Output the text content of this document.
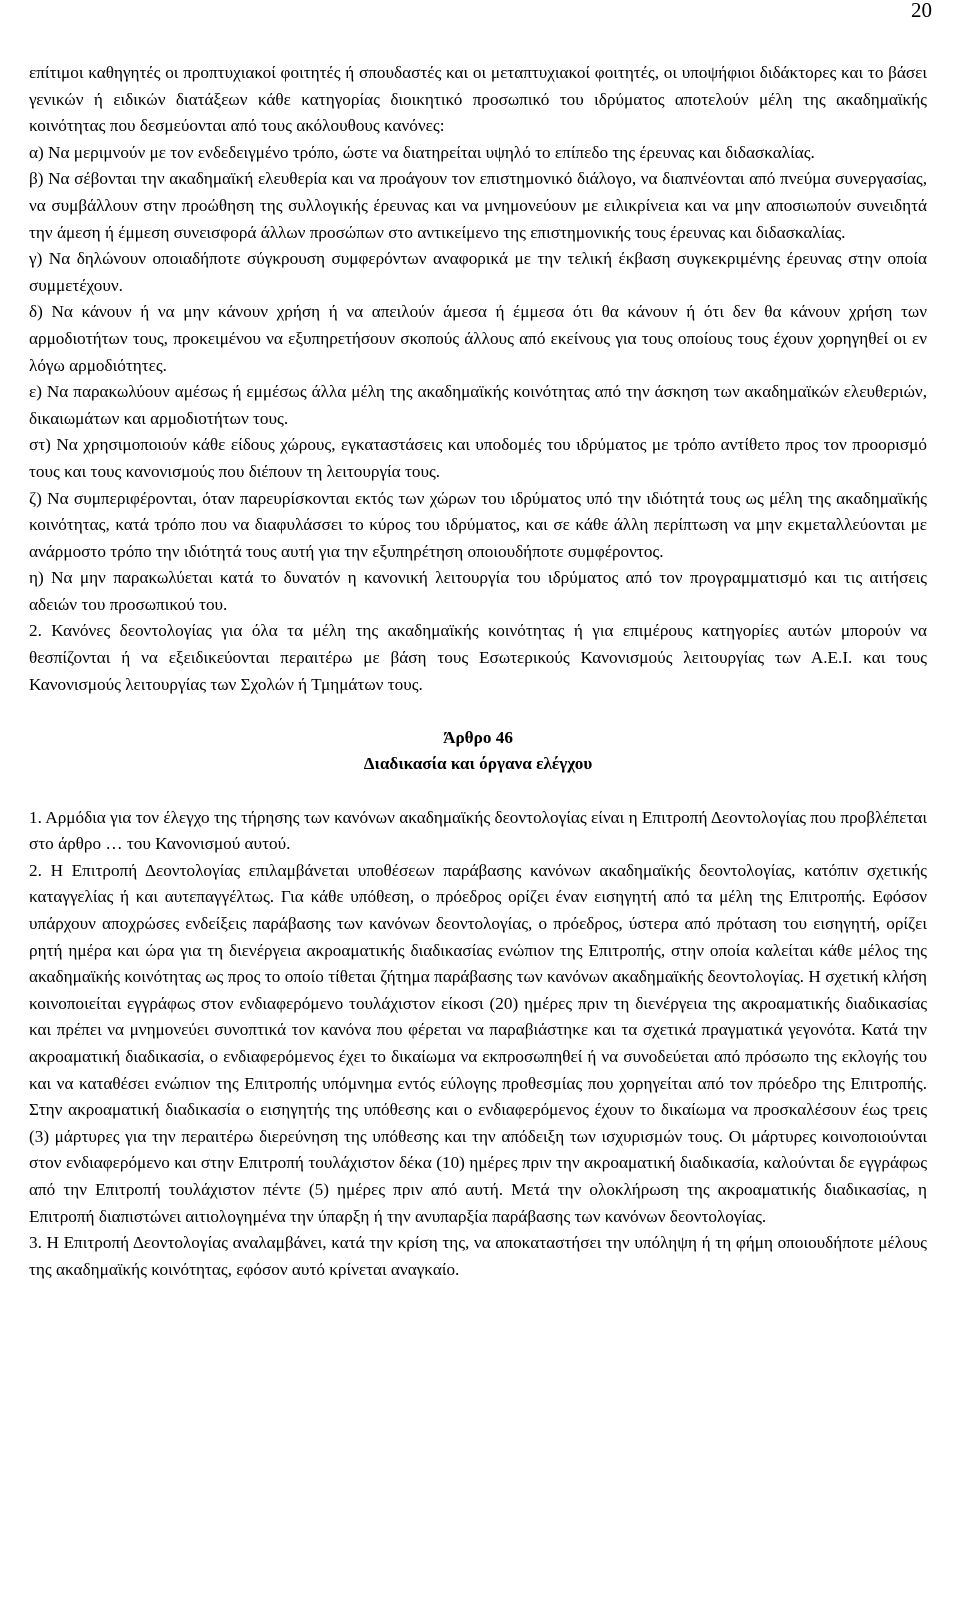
20

επίτιμοι καθηγητές οι προπτυχιακοί φοιτητές ή σπουδαστές και οι μεταπτυχιακοί φοιτητές, οι υποψήφιοι διδάκτορες και το βάσει γενικών ή ειδικών διατάξεων κάθε κατηγορίας διοικητικό προσωπικό του ιδρύματος αποτελούν μέλη της ακαδημαϊκής κοινότητας που δεσμεύονται από τους ακόλουθους κανόνες:

α) Να μεριμνούν με τον ενδεδειγμένο τρόπο, ώστε να διατηρείται υψηλό το επίπεδο της έρευνας και διδασκαλίας.

β) Να σέβονται την ακαδημαϊκή ελευθερία και να προάγουν τον επιστημονικό διάλογο, να διαπνέονται από πνεύμα συνεργασίας, να συμβάλλουν στην προώθηση της συλλογικής έρευνας και να μνημονεύουν με ειλικρίνεια και να μην αποσιωπούν συνειδητά την άμεση ή έμμεση συνεισφορά άλλων προσώπων στο αντικείμενο της επιστημονικής τους έρευνας και διδασκαλίας.

γ) Να δηλώνουν οποιαδήποτε σύγκρουση συμφερόντων αναφορικά με την τελική έκβαση συγκεκριμένης έρευνας στην οποία συμμετέχουν.

δ) Να κάνουν ή να μην κάνουν χρήση ή να απειλούν άμεσα ή έμμεσα ότι θα κάνουν ή ότι δεν θα κάνουν χρήση των αρμοδιοτήτων τους, προκειμένου να εξυπηρετήσουν σκοπούς άλλους από εκείνους για τους οποίους τους έχουν χορηγηθεί οι εν λόγω αρμοδιότητες.

ε) Να παρακωλύουν αμέσως ή εμμέσως άλλα μέλη της ακαδημαϊκής κοινότητας από την άσκηση των ακαδημαϊκών ελευθεριών, δικαιωμάτων και αρμοδιοτήτων τους.

στ) Να χρησιμοποιούν κάθε είδους χώρους, εγκαταστάσεις και υποδομές του ιδρύματος με τρόπο αντίθετο προς τον προορισμό τους και τους κανονισμούς που διέπουν τη λειτουργία τους.

ζ) Να συμπεριφέρονται, όταν παρευρίσκονται εκτός των χώρων του ιδρύματος υπό την ιδιότητά τους ως μέλη της ακαδημαϊκής κοινότητας, κατά τρόπο που να διαφυλάσσει το κύρος του ιδρύματος, και σε κάθε άλλη περίπτωση να μην εκμεταλλεύονται με ανάρμοστο τρόπο την ιδιότητά τους αυτή για την εξυπηρέτηση οποιουδήποτε συμφέροντος.

η) Να μην παρακωλύεται κατά το δυνατόν η κανονική λειτουργία του ιδρύματος από τον προγραμματισμό και τις αιτήσεις αδειών του προσωπικού του.

2. Κανόνες δεοντολογίας για όλα τα μέλη της ακαδημαϊκής κοινότητας ή για επιμέρους κατηγορίες αυτών μπορούν να θεσπίζονται ή να εξειδικεύονται περαιτέρω με βάση τους Εσωτερικούς Κανονισμούς λειτουργίας των Α.Ε.Ι. και τους Κανονισμούς λειτουργίας των Σχολών ή Τμημάτων τους.

Άρθρο 46

Διαδικασία και όργανα ελέγχου

1. Αρμόδια για τον έλεγχο της τήρησης των κανόνων ακαδημαϊκής δεοντολογίας είναι η Επιτροπή Δεοντολογίας που προβλέπεται στο άρθρο … του Κανονισμού αυτού.

2. Η Επιτροπή Δεοντολογίας επιλαμβάνεται υποθέσεων παράβασης κανόνων ακαδημαϊκής δεοντολογίας, κατόπιν σχετικής καταγγελίας ή και αυτεπαγγέλτως. Για κάθε υπόθεση, ο πρόεδρος ορίζει έναν εισηγητή από τα μέλη της Επιτροπής. Εφόσον υπάρχουν αποχρώσες ενδείξεις παράβασης των κανόνων δεοντολογίας, ο πρόεδρος, ύστερα από πρόταση του εισηγητή, ορίζει ρητή ημέρα και ώρα για τη διενέργεια ακροαματικής διαδικασίας ενώπιον της Επιτροπής, στην οποία καλείται κάθε μέλος της ακαδημαϊκής κοινότητας ως προς το οποίο τίθεται ζήτημα παράβασης των κανόνων ακαδημαϊκής δεοντολογίας. Η σχετική κλήση κοινοποιείται εγγράφως στον ενδιαφερόμενο τουλάχιστον είκοσι (20) ημέρες πριν τη διενέργεια της ακροαματικής διαδικασίας και πρέπει να μνημονεύει συνοπτικά τον κανόνα που φέρεται να παραβιάστηκε και τα σχετικά πραγματικά γεγονότα. Κατά την ακροαματική διαδικασία, ο ενδιαφερόμενος έχει το δικαίωμα να εκπροσωπηθεί ή να συνοδεύεται από πρόσωπο της εκλογής του και να καταθέσει ενώπιον της Επιτροπής υπόμνημα εντός εύλογης προθεσμίας που χορηγείται από τον πρόεδρο της Επιτροπής. Στην ακροαματική διαδικασία ο εισηγητής της υπόθεσης και ο ενδιαφερόμενος έχουν το δικαίωμα να προσκαλέσουν έως τρεις (3) μάρτυρες για την περαιτέρω διερεύνηση της υπόθεσης και την απόδειξη των ισχυρισμών τους. Οι μάρτυρες κοινοποιούνται στον ενδιαφερόμενο και στην Επιτροπή τουλάχιστον δέκα (10) ημέρες πριν την ακροαματική διαδικασία, καλούνται δε εγγράφως από την Επιτροπή τουλάχιστον πέντε (5) ημέρες πριν από αυτή. Μετά την ολοκλήρωση της ακροαματικής διαδικασίας, η Επιτροπή διαπιστώνει αιτιολογημένα την ύπαρξη ή την ανυπαρξία παράβασης των κανόνων δεοντολογίας.

3. Η Επιτροπή Δεοντολογίας αναλαμβάνει, κατά την κρίση της, να αποκαταστήσει την υπόληψη ή τη φήμη οποιουδήποτε μέλους της ακαδημαϊκής κοινότητας, εφόσον αυτό κρίνεται αναγκαίο.
